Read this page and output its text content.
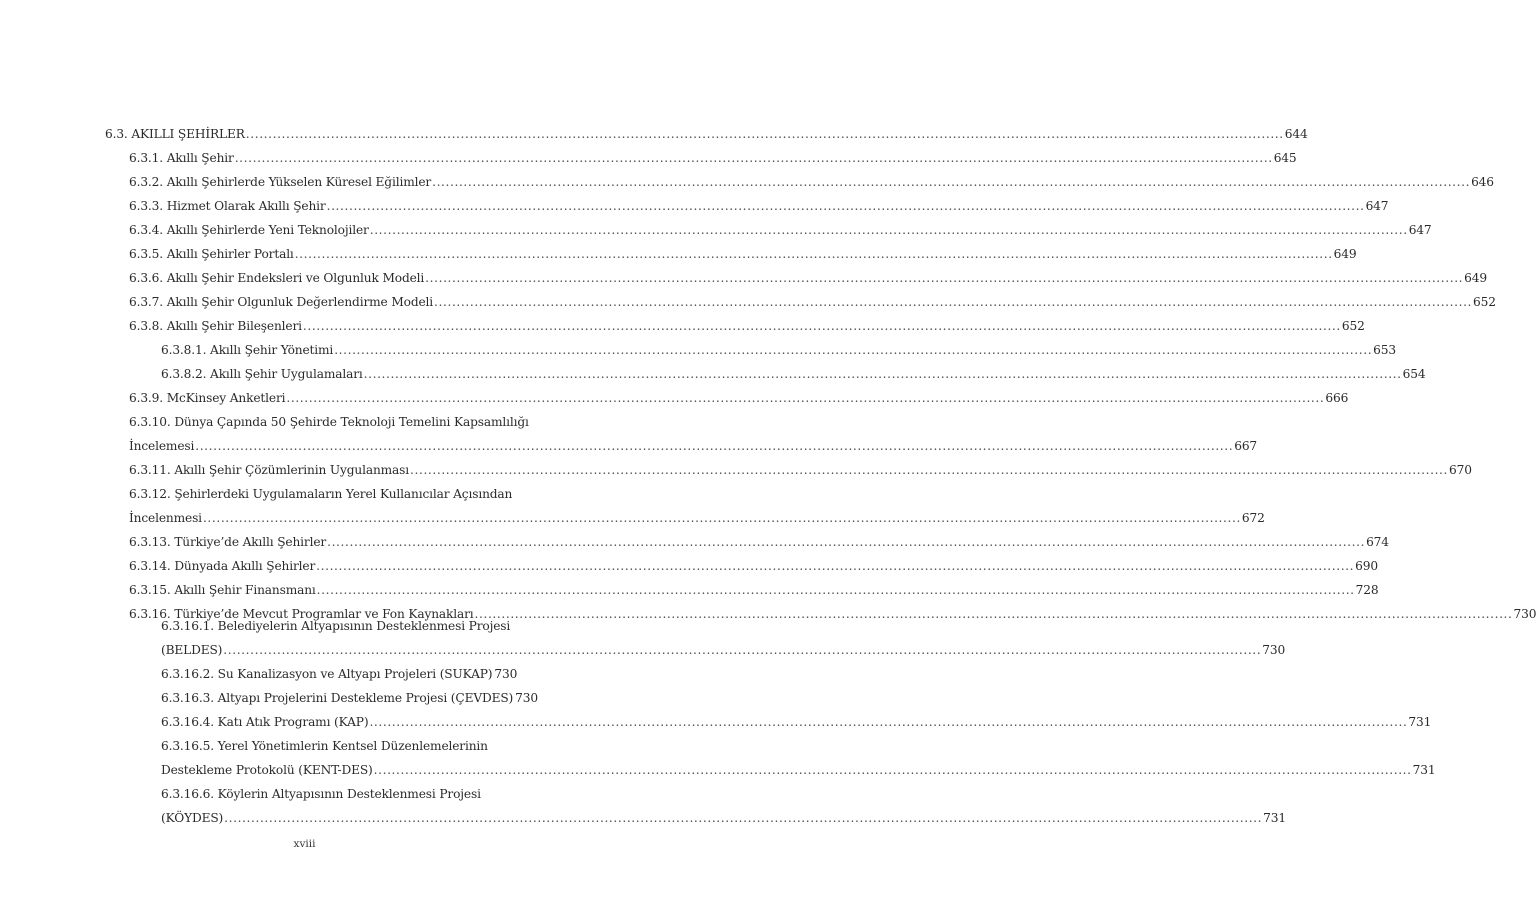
6.3. AKILLI ŞEHİRLER .....	644
6.3.1. Akıllı Şehir .....	645
6.3.2. Akıllı Şehirlerde Yükselen Küresel Eğilimler .....	646
6.3.3. Hizmet Olarak Akıllı Şehir .....	647
6.3.4. Akıllı Şehirlerde Yeni Teknolojiler .....	647
6.3.5. Akıllı Şehirler Portalı .....	649
6.3.6. Akıllı Şehir Endeksleri ve Olgunluk Modeli .....	649
6.3.7. Akıllı Şehir Olgunluk Değerlendirme Modeli .....	652
6.3.8. Akıllı Şehir Bileşenleri .....	652
6.3.8.1. Akıllı Şehir Yönetimi .....	653
6.3.8.2. Akıllı Şehir Uygulamaları .....	654
6.3.9. McKinsey Anketleri .....	666
6.3.10. Dünya Çapında 50 Şehirde Teknoloji Temelini Kapsamlılığı
İncelemesi .....	667
6.3.11. Akıllı Şehir Çözümlerinin Uygulanması .....	670
6.3.12. Şehirlerdeki Uygulamaların Yerel Kullanıcılar Açısından
İncelenmesi .....	672
6.3.13. Türkiye’de Akıllı Şehirler .....	674
6.3.14. Dünyada Akıllı Şehirler .....	690
6.3.15. Akıllı Şehir Finansmanı .....	728
6.3.16. Türkiye’de Mevcut Programlar ve Fon Kaynakları .....	730
6.3.16.1. Belediyelerin Altyapısının Desteklenmesi Projesi
(BELDES) .....	730
6.3.16.2. Su Kanalizasyon ve Altyapı Projeleri (SUKAP) 730
6.3.16.3. Altyapı Projelerini Destekleme Projesi (ÇEVDES) 730
6.3.16.4. Katı Atık Programı (KAP) .....	731
6.3.16.5. Yerel Yönetimlerin Kentsel Düzenlemelerinin
Destekleme Protokolü (KENT-DES) .....	731
6.3.16.6. Köylerin Altyapısının Desteklenmesi Projesi
(KÖYDES) .....	731
xviii
